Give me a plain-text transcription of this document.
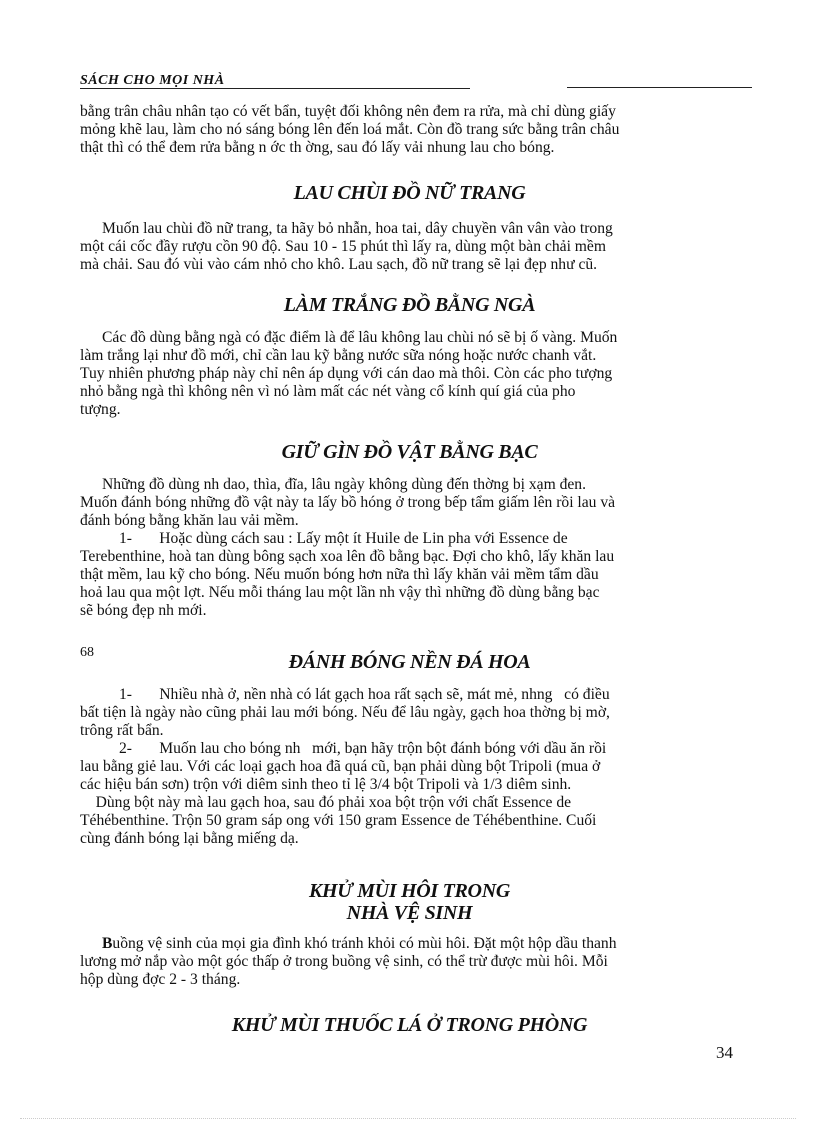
SÁCH CHO MỌI NHÀ
bằng trân châu nhân tạo có vết bẩn, tuyệt đối không nên đem ra rửa, mà chỉ dùng giấy
mỏng khẽ lau, làm cho nó sáng bóng lên đến loá mắt. Còn đồ trang sức bằng trân châu
thật thì có thể đem rửa bằng n ớc th ờng, sau đó lấy vải nhung lau cho bóng.
LAU CHÙI ĐỒ NỮ TRANG
Muốn lau chùi đồ nữ trang, ta hãy bỏ nhẫn, hoa tai, dây chuyền vân vân vào trong
một cái cốc đầy rượu cồn 90 độ. Sau 10 - 15 phút thì lấy ra, dùng một bàn chải mềm
mà chải. Sau đó vùi vào cám nhỏ cho khô. Lau sạch, đồ nữ trang sẽ lại đẹp như cũ.
LÀM TRẮNG ĐỒ BẰNG NGÀ
Các đồ dùng bằng ngà có đặc điểm là để lâu không lau chùi nó sẽ bị ố vàng. Muốn
làm trắng lại như đồ mới, chỉ cần lau kỹ bằng nước sữa nóng hoặc nước chanh vắt.
Tuy nhiên phương pháp này chỉ nên áp dụng với cán dao mà thôi. Còn các pho tượng
nhỏ bằng ngà thì không nên vì nó làm mất các nét vàng cổ kính quí giá của pho
tượng.
GIỮ GÌN ĐỒ VẬT BẰNG BẠC
Những đồ dùng nh dao, thìa, đĩa, lâu ngày không dùng đến thờng bị xạm đen.
Muốn đánh bóng những đồ vật này ta lấy bồ hóng ở trong bếp tẩm giấm lên rồi lau và
đánh bóng bằng khăn lau vải mềm.
1-       Hoặc dùng cách sau : Lấy một ít Huile de Lin pha với Essence de
Terebenthine, hoà tan dùng bông sạch xoa lên đồ bằng bạc. Đợi cho khô, lấy khăn lau
thật mềm, lau kỹ cho bóng. Nếu muốn bóng hơn nữa thì lấy khăn vải mềm tẩm dầu
hoả lau qua một lợt. Nếu mỗi tháng lau một lần nh vậy thì những đồ dùng bằng bạc
sẽ bóng đẹp nh mới.
68	ĐÁNH BÓNG NỀN ĐÁ HOA
1-       Nhiều nhà ở, nền nhà có lát gạch hoa rất sạch sẽ, mát mẻ, nhng   có điều
bất tiện là ngày nào cũng phải lau mới bóng. Nếu để lâu ngày, gạch hoa thờng bị mờ,
trông rất bẩn.
2-       Muốn lau cho bóng nh   mới, bạn hãy trộn bột đánh bóng với dầu ăn rồi
lau bằng giẻ lau. Với các loại gạch hoa đã quá cũ, bạn phải dùng bột Tripoli (mua ở
các hiệu bán sơn) trộn với diêm sinh theo tỉ lệ 3/4 bột Tripoli và 1/3 diêm sinh.
Dùng bột này mà lau gạch hoa, sau đó phải xoa bột trộn với chất Essence de
Téhébenthine. Trộn 50 gram sáp ong với 150 gram Essence de Téhébenthine. Cuối
cùng đánh bóng lại bằng miếng dạ.
KHỬ MÙI HÔI TRONG
NHÀ VỆ SINH
Buồng vệ sinh của mọi gia đình khó tránh khỏi có mùi hôi. Đặt một hộp dầu thanh
lương mở nắp vào một góc thấp ở trong buồng vệ sinh, có thể trừ được mùi hôi. Mỗi
hộp dùng đợc 2 - 3 tháng.
KHỬ MÙI THUỐC LÁ Ở TRONG PHÒNG
34
